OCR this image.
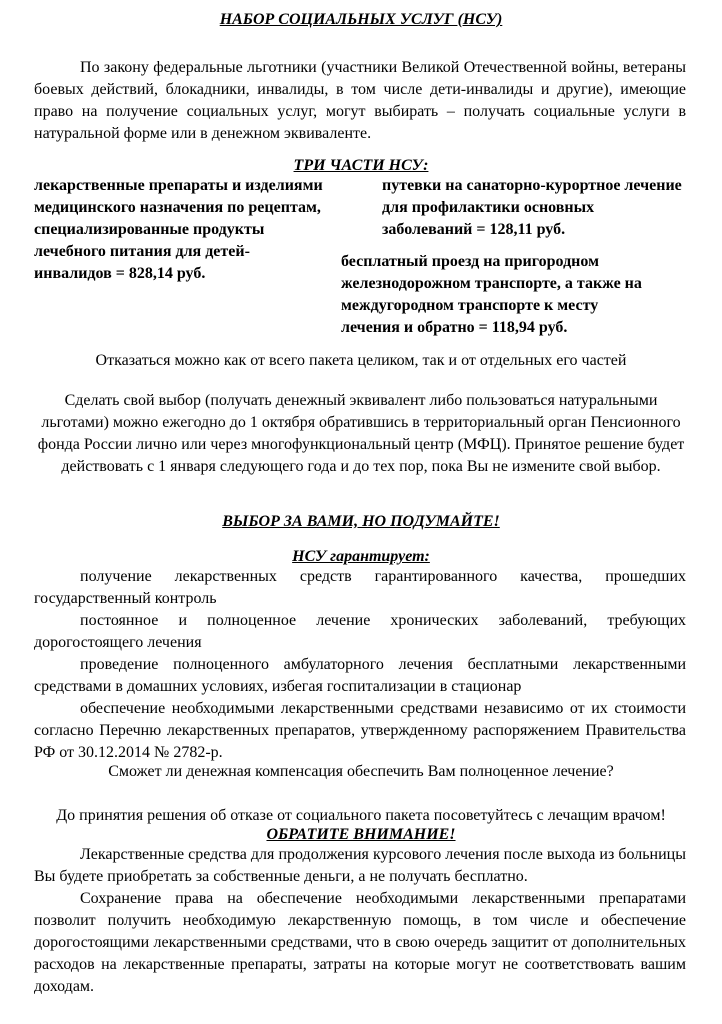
НАБОР СОЦИАЛЬНЫХ УСЛУГ (НСУ)

По закону федеральные льготники (участники Великой Отечественной войны, ветераны боевых действий, блокадники, инвалиды, в том числе дети-инвалиды и другие), имеющие право на получение социальных услуг, могут выбирать – получать социальные услуги в натуральной форме или в денежном эквиваленте.

ТРИ ЧАСТИ НСУ:

лекарственные препараты и изделиями медицинского назначения по рецептам, специализированные продукты лечебного питания для детей-инвалидов = 828,14 руб.

путевки на санаторно-курортное лечение для профилактики основных заболеваний = 128,11 руб.

бесплатный проезд на пригородном железнодорожном транспорте, а также на междугородном транспорте к месту лечения и обратно = 118,94 руб.

Отказаться можно как от всего пакета целиком, так и от отдельных его частей

Сделать свой выбор (получать денежный эквивалент либо пользоваться натуральными льготами) можно ежегодно до 1 октября обратившись в территориальный орган Пенсионного фонда России лично или через многофункциональный центр (МФЦ). Принятое решение будет действовать с 1 января следующего года и до тех пор, пока Вы не измените свой выбор.

ВЫБОР ЗА ВАМИ, НО ПОДУМАЙТЕ!

НСУ гарантирует:

получение лекарственных средств гарантированного качества, прошедших государственный контроль

постоянное и полноценное лечение хронических заболеваний, требующих дорогостоящего лечения

проведение полноценного амбулаторного лечения бесплатными лекарственными средствами в домашних условиях, избегая госпитализации в стационар

обеспечение необходимыми лекарственными средствами независимо от их стоимости согласно Перечню лекарственных препаратов, утвержденному распоряжением Правительства РФ от 30.12.2014 № 2782-р.

Сможет ли денежная компенсация обеспечить Вам полноценное лечение?

До принятия решения об отказе от социального пакета посоветуйтесь с лечащим врачом!

ОБРАТИТЕ ВНИМАНИЕ!

Лекарственные средства для продолжения курсового лечения после выхода из больницы Вы будете приобретать за собственные деньги, а не получать бесплатно.

Сохранение права на обеспечение необходимыми лекарственными препаратами позволит получить необходимую лекарственную помощь, в том числе и обеспечение дорогостоящими лекарственными средствами, что в свою очередь защитит от дополнительных расходов на лекарственные препараты, затраты на которые могут не соответствовать вашим доходам.
